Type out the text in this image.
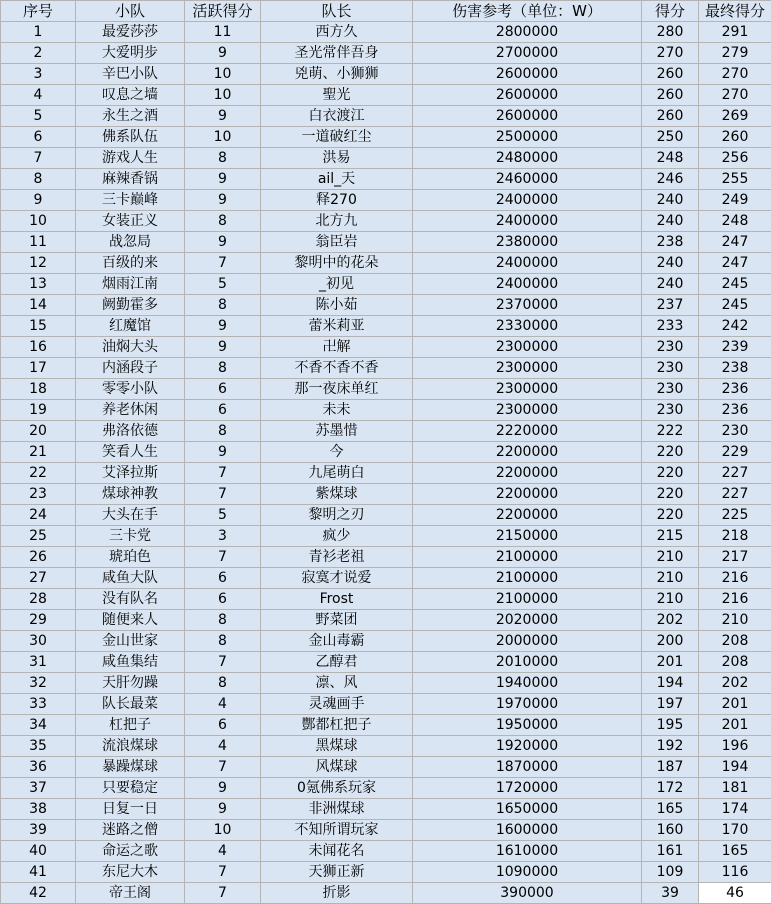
序号	小队	活跃得分	队长	伤害参考（单位：W）	得分	最终得分
1	最爱莎莎	11	西方久	2800000	280	291
2	大爱明步	9	圣光常伴吾身	2700000	270	279
3	辛巴小队	10	兇萌、小狮狮	2600000	260	270
4	叹息之墙	10	聖光	2600000	260	270
5	永生之酒	9	白衣渡江	2600000	260	269
6	佛系队伍	10	一道破红尘	2500000	250	260
7	游戏人生	8	洪易	2480000	248	256
8	麻辣香锅	9	ail_天	2460000	246	255
9	三卡巅峰	9	释270	2400000	240	249
10	女装正义	8	北方九	2400000	240	248
11	战忽局	9	翁臣岩	2380000	238	247
12	百级的来	7	黎明中的花朵	2400000	240	247
13	烟雨江南	5	_初见	2400000	240	245
14	阙勤霍多	8	陈小茹	2370000	237	245
15	红魔馆	9	蕾米莉亚	2330000	233	242
16	油焖大头	9	卍解	2300000	230	239
17	内涵段子	8	不香不香不香	2300000	230	238
18	零零小队	6	那一夜床单红	2300000	230	236
19	养老休闲	6	未未	2300000	230	236
20	弗洛依德	8	苏墨惜	2220000	222	230
21	笑看人生	9	今	2200000	220	229
22	艾泽拉斯	7	九尾萌白	2200000	220	227
23	煤球神教	7	紫煤球	2200000	220	227
24	大头在手	5	黎明之刃	2200000	220	225
25	三卡党	3	疯少	2150000	215	218
26	琥珀色	7	青衫老祖	2100000	210	217
27	咸鱼大队	6	寂寞才说爱	2100000	210	216
28	没有队名	6	Frost	2100000	210	216
29	随便来人	8	野菜团	2020000	202	210
30	金山世家	8	金山毒霸	2000000	200	208
31	咸鱼集结	7	乙醇君	2010000	201	208
32	天肝勿躁	8	凛、风	1940000	194	202
33	队长最菜	4	灵魂画手	1970000	197	201
34	杠把子	6	酆都杠把子	1950000	195	201
35	流浪煤球	4	黑煤球	1920000	192	196
36	暴躁煤球	7	风煤球	1870000	187	194
37	只要稳定	9	0氪佛系玩家	1720000	172	181
38	日复一日	9	非洲煤球	1650000	165	174
39	迷路之僧	10	不知所谓玩家	1600000	160	170
40	命运之歌	4	未闻花名	1610000	161	165
41	东尼大木	7	天狮正新	1090000	109	116
42	帝王阁	7	折影	390000	39	46
